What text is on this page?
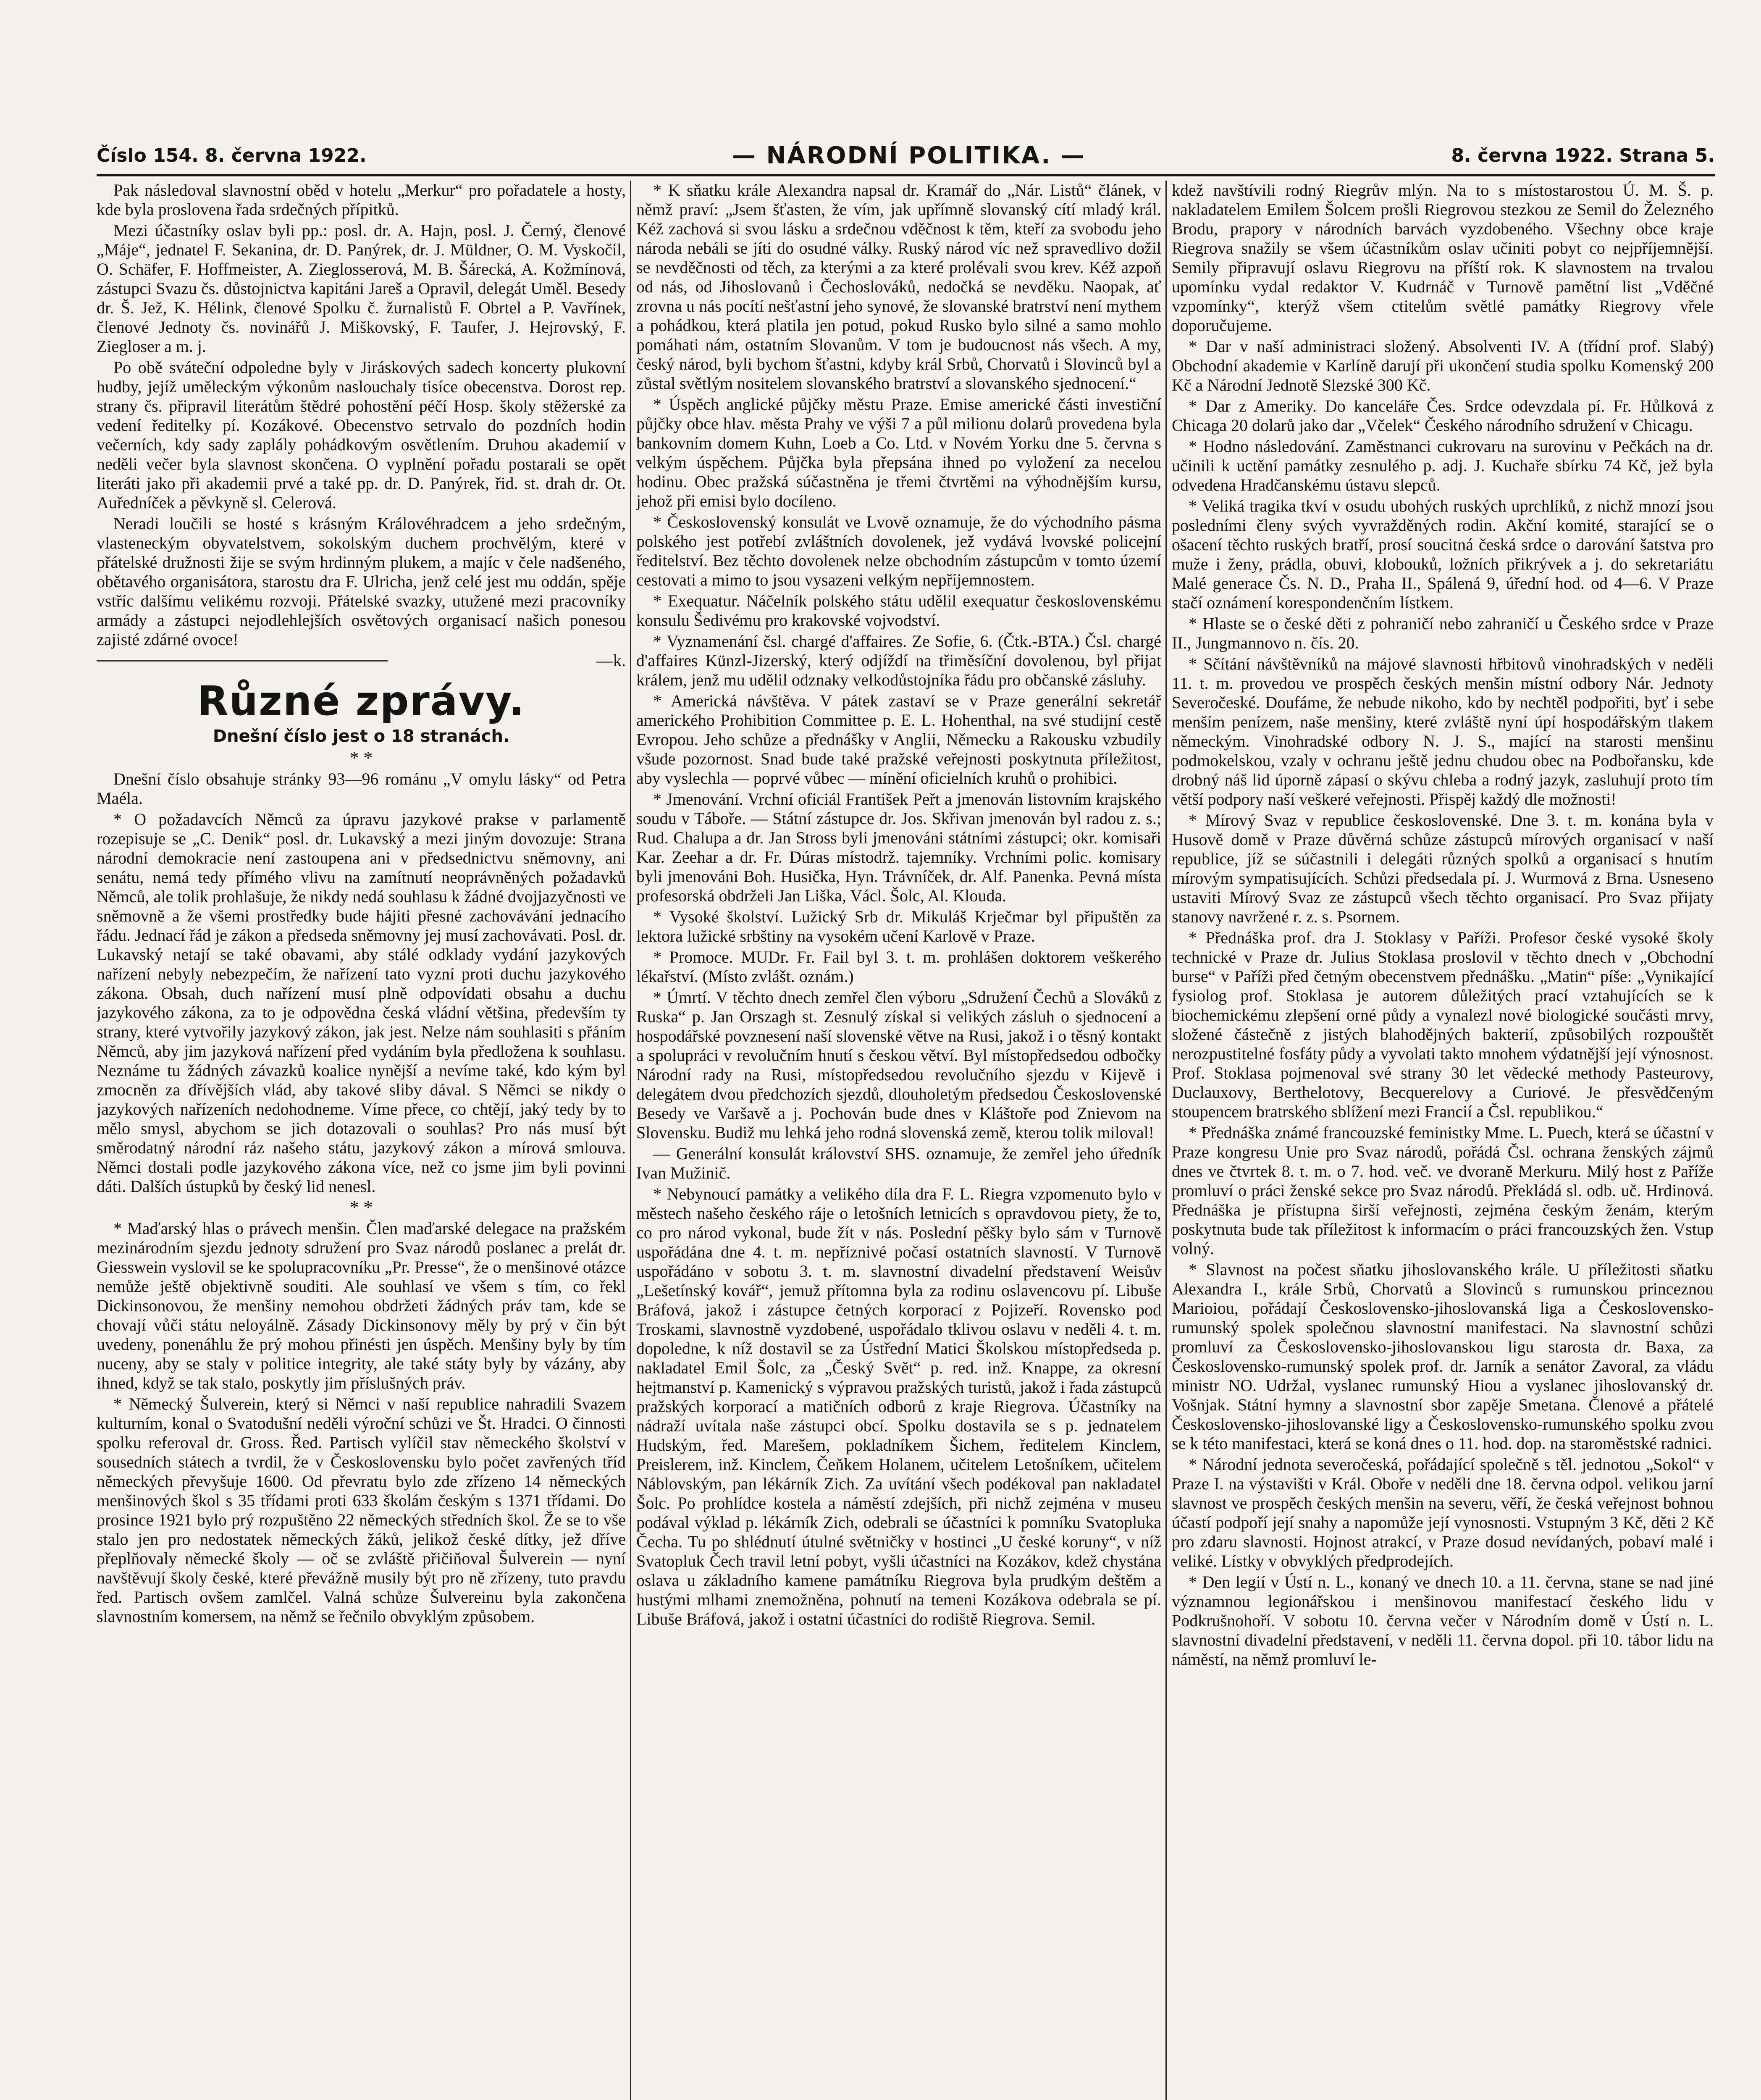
Číslo 154. 8. června 1922.	— NÁRODNÍ POLITIKA. —	8. června 1922. Strana 5.

Pak následoval slavnostní oběd v hotelu „Merkur“ pro pořadatele a hosty, kde byla proslovena řada srdečných přípitků.

Mezi účastníky oslav byli pp.: posl. dr. A. Hajn, posl. J. Černý, členové „Máje“, jednatel F. Sekanina, dr. D. Panýrek, dr. J. Müldner, O. M. Vyskočil, O. Schäfer, F. Hoffmeister, A. Zieglosserová, M. B. Šárecká, A. Kožmínová, zástupci Svazu čs. důstojnictva kapitáni Jareš a Opravil, delegát Uměl. Besedy dr. Š. Jež, K. Hélink, členové Spolku č. žurnalistů F. Obrtel a P. Vavřínek, členové Jednoty čs. novinářů J. Miškovský, F. Taufer, J. Hejrovský, F. Ziegloser a m. j.

Po obě sváteční odpoledne byly v Jiráskových sadech koncerty plukovní hudby, jejíž uměleckým výkonům naslouchaly tisíce obecenstva. Dorost rep. strany čs. připravil literátům štědré pohostění péčí Hosp. školy stěžerské za vedení ředitelky pí. Kozákové. Obecenstvo setrvalo do pozdních hodin večerních, kdy sady zaplály pohádkovým osvětlením. Druhou akademií v neděli večer byla slavnost skončena. O vyplnění pořadu postarali se opět literáti jako při akademii prvé a také pp. dr. D. Panýrek, řid. st. drah dr. Ot. Auředníček a pěvkyně sl. Celerová.

Neradi loučili se hosté s krásným Královéhradcem a jeho srdečným, vlasteneckým obyvatelstvem, sokolským duchem prochvělým, které v přátelské družnosti žije se svým hrdinným plukem, a majíc v čele nadšeného, obětavého organisátora, starostu dra F. Ulricha, jenž celé jest mu oddán, spěje vstříc dalšímu velikému rozvoji. Přátelské svazky, utužené mezi pracovníky armády a zástupci nejodlehlejších osvětových organisací našich ponesou zajisté zdárné ovoce!

—k.
Různé zprávy.
Dnešní číslo jest o 18 stranách.
* *

Dnešní číslo obsahuje stránky 93—96 románu „V omylu lásky“ od Petra Maéla.

* O požadavcích Němců za úpravu jazykové prakse v parlamentě rozepisuje se „C. Denik“ posl. dr. Lukavský a mezi jiným dovozuje: Strana národní demokracie není zastoupena ani v předsednictvu sněmovny, ani senátu, nemá tedy přímého vlivu na zamítnutí neoprávněných požadavků Němců, ale tolik prohlašuje, že nikdy nedá souhlasu k žádné dvojjazyčnosti ve sněmovně a že všemi prostředky bude hájiti přesné zachovávání jednacího řádu. Jednací řád je zákon a předseda sněmovny jej musí zachovávati. Posl. dr. Lukavský netají se také obavami, aby stálé odklady vydání jazykových nařízení nebyly nebezpečím, že nařízení tato vyzní proti duchu jazykového zákona. Obsah, duch nařízení musí plně odpovídati obsahu a duchu jazykového zákona, za to je odpovědna česká vládní většina, především ty strany, které vytvořily jazykový zákon, jak jest. Nelze nám souhlasiti s přáním Němců, aby jim jazyková nařízení před vydáním byla předložena k souhlasu. Neznáme tu žádných závazků koalice nynější a nevíme také, kdo kým byl zmocněn za dřívějších vlád, aby takové sliby dával. S Němci se nikdy o jazykových nařízeních nedohodneme. Víme přece, co chtějí, jaký tedy by to mělo smysl, abychom se jich dotazovali o souhlas? Pro nás musí být směrodatný národní ráz našeho státu, jazykový zákon a mírová smlouva. Němci dostali podle jazykového zákona více, než co jsme jim byli povinni dáti. Dalších ústupků by český lid nenesl.

* *

* Maďarský hlas o právech menšin. Člen maďarské delegace na pražském mezinárodním sjezdu jednoty sdružení pro Svaz národů poslanec a prelát dr. Giesswein vyslovil se ke spolupracovníku „Pr. Presse“, že o menšinové otázce nemůže ještě objektivně souditi. Ale souhlasí ve všem s tím, co řekl Dickinsonovou, že menšiny nemohou obdržeti žádných práv tam, kde se chovají vůči státu neloyálně. Zásady Dickinsonovy měly by prý v čin být uvedeny, ponenáhlu že prý mohou přinésti jen úspěch. Menšiny byly by tím nuceny, aby se staly v politice integrity, ale také státy byly by vázány, aby ihned, když se tak stalo, poskytly jim příslušných práv.

* Německý Šulverein, který si Němci v naší republice nahradili Svazem kulturním, konal o Svatodušní neděli výroční schůzi ve Št. Hradci. O činnosti spolku referoval dr. Gross. Řed. Partisch vylíčil stav německého školství v sousedních státech a tvrdil, že v Československu bylo počet zavřených tříd německých převyšuje 1600. Od převratu bylo zde zřízeno 14 německých menšinových škol s 35 třídami proti 633 školám českým s 1371 třídami. Do prosince 1921 bylo prý rozpuštěno 22 německých středních škol. Že se to vše stalo jen pro nedostatek německých žáků, jelikož české dítky, jež dříve přeplňovaly německé školy — oč se zvláště přičiňoval Šulverein — nyní navštěvují školy české, které převážně musily být pro ně zřízeny, tuto pravdu řed. Partisch ovšem zamlčel. Valná schůze Šulvereinu byla zakončena slavnostním komersem, na němž se řečnilo obvyklým způsobem.

* K sňatku krále Alexandra napsal dr. Kramář do „Nár. Listů“ článek, v němž praví: „Jsem šťasten, že vím, jak upřímně slovanský cítí mladý král. Kéž zachová si svou lásku a srdečnou vděčnost k těm, kteří za svobodu jeho národa nebáli se jíti do osudné války. Ruský národ víc než spravedlivo dožil se nevděčnosti od těch, za kterými a za které prolévali svou krev. Kéž azpoň od nás, od Jihoslovanů i Čechoslováků, nedočká se nevděku. Naopak, ať zrovna u nás pocítí nešťastní jeho synové, že slovanské bratrství není mythem a pohádkou, která platila jen potud, pokud Rusko bylo silné a samo mohlo pomáhati nám, ostatním Slovanům. V tom je budoucnost nás všech. A my, český národ, byli bychom šťastni, kdyby král Srbů, Chorvatů i Slovinců byl a zůstal světlým nositelem slovanského bratrství a slovanského sjednocení.“

* Úspěch anglické půjčky městu Praze. Emise americké části investiční půjčky obce hlav. města Prahy ve výši 7 a půl milionu dolarů provedena byla bankovním domem Kuhn, Loeb a Co. Ltd. v Novém Yorku dne 5. června s velkým úspěchem. Půjčka byla přepsána ihned po vyložení za necelou hodinu. Obec pražská súčastněna je třemi čtvrtěmi na výhodnějším kursu, jehož při emisi bylo docíleno.

* Československý konsulát ve Lvově oznamuje, že do východního pásma polského jest potřebí zvláštních dovolenek, jež vydává lvovské policejní ředitelství. Bez těchto dovolenek nelze obchodním zástupcům v tomto území cestovati a mimo to jsou vysazeni velkým nepříjemnostem.

* Exequatur. Náčelník polského státu udělil exequatur československému konsulu Šedivému pro krakovské vojvodství.

* Vyznamenání čsl. chargé d'affaires. Ze Sofie, 6. (Čtk.-BTA.) Čsl. chargé d'affaires Künzl-Jizerský, který odjíždí na třiměsíční dovolenou, byl přijat králem, jenž mu udělil odznaky velkodůstojníka řádu pro občanské zásluhy.

* Americká návštěva. V pátek zastaví se v Praze generální sekretář amerického Prohibition Committee p. E. L. Hohenthal, na své studijní cestě Evropou. Jeho schůze a přednášky v Anglii, Německu a Rakousku vzbudily všude pozornost. Snad bude také pražské veřejnosti poskytnuta příležitost, aby vyslechla — poprvé vůbec — mínění oficielních kruhů o prohibici.

* Jmenování. Vrchní oficiál František Peřt a jmenován listovním krajského soudu v Táboře. — Státní zástupce dr. Jos. Skřivan jmenován byl radou z. s.; Rud. Chalupa a dr. Jan Stross byli jmenováni státními zástupci; okr. komisaři Kar. Zeehar a dr. Fr. Dúras místodrž. tajemníky. Vrchními polic. komisary byli jmenováni Boh. Husička, Hyn. Trávníček, dr. Alf. Panenka. Pevná místa profesorská obdrželi Jan Liška, Václ. Šolc, Al. Klouda.

* Vysoké školství. Lužický Srb dr. Mikuláš Krječmar byl připuštěn za lektora lužické srbštiny na vysokém učení Karlově v Praze.

* Promoce. MUDr. Fr. Fail byl 3. t. m. prohlášen doktorem veškerého lékařství. (Místo zvlášt. oznám.)

* Úmrtí. V těchto dnech zemřel člen výboru „Sdružení Čechů a Slováků z Ruska“ p. Jan Orszagh st. Zesnulý získal si velikých zásluh o sjednocení a hospodářské povznesení naší slovenské větve na Rusi, jakož i o těsný kontakt a spolupráci v revolučním hnutí s českou větví. Byl místopředsedou odbočky Národní rady na Rusi, místopředsedou revolučního sjezdu v Kijevě i delegátem dvou předchozích sjezdů, dlouholetým předsedou Československé Besedy ve Varšavě a j. Pochován bude dnes v Kláštoře pod Znievom na Slovensku. Budiž mu lehká jeho rodná slovenská země, kterou tolik miloval!

— Generální konsulát království SHS. oznamuje, že zemřel jeho úředník Ivan Mužinič.

* Nebynoucí památky a velikého díla dra F. L. Riegra vzpomenuto bylo v městech našeho českého ráje o letošních letnicích s opravdovou piety, že to, co pro národ vykonal, bude žít v nás. Poslední pěšky bylo sám v Turnově uspořádána dne 4. t. m. nepříznivé počasí ostatních slavností. V Turnově uspořádáno v sobotu 3. t. m. slavnostní divadelní představení Weisův „Lešetínský kovář“, jemuž přítomna byla za rodinu oslavencovu pí. Libuše Bráfová, jakož i zástupce četných korporací z Pojizeří. Rovensko pod Troskami, slavnostně vyzdobené, uspořádalo tklivou oslavu v neděli 4. t. m. dopoledne, k níž dostavil se za Ústřední Matici Školskou místopředseda p. nakladatel Emil Šolc, za „Český Svět“ p. red. inž. Knappe, za okresní hejtmanství p. Kamenický s výpravou pražských turistů, jakož i řada zástupců pražských korporací a matičních odborů z kraje Riegrova. Účastníky na nádraží uvítala naše zástupci obcí. Spolku dostavila se s p. jednatelem Hudským, řed. Marešem, pokladníkem Šichem, ředitelem Kinclem, Preislerem, inž. Kinclem, Čeňkem Holanem, učitelem Letošníkem, učitelem Náblovským, pan lékárník Zich. Za uvítání všech podékoval pan nakladatel Šolc. Po prohlídce kostela a náměstí zdejších, při nichž zejména v museu podával výklad p. lékárník Zich, odebrali se účastníci k pomníku Svatopluka Čecha. Tu po shlédnutí útulné světničky v hostinci „U české koruny“, v níž Svatopluk Čech travil letní pobyt, vyšli účastníci na Kozákov, kdež chystána oslava u základního kamene památníku Riegrova byla prudkým deštěm a hustými mlhami znemožněna, pohnutí na temeni Kozákova odebrala se pí. Libuše Bráfová, jakož i ostatní účastníci do rodiště Riegrova. Semil.

kdež navštívili rodný Riegrův mlýn. Na to s místostarostou Ú. M. Š. p. nakladatelem Emilem Šolcem prošli Riegrovou stezkou ze Semil do Železného Brodu, prapory v národních barvách vyzdobeného. Všechny obce kraje Riegrova snažily se všem účastníkům oslav učiniti pobyt co nejpříjemnější. Semily připravují oslavu Riegrovu na příští rok. K slavnostem na trvalou upomínku vydal redaktor V. Kudrnáč v Turnově pamětní list „Vděčné vzpomínky“, kterýž všem ctitelům světlé památky Riegrovy vřele doporučujeme.

* Dar v naší administraci složený. Absolventi IV. A (třídní prof. Slabý) Obchodní akademie v Karlíně darují při ukončení studia spolku Komenský 200 Kč a Národní Jednotě Slezské 300 Kč.

* Dar z Ameriky. Do kanceláře Čes. Srdce odevzdala pí. Fr. Hůlková z Chicaga 20 dolarů jako dar „Včelek“ Českého národního sdružení v Chicagu.

* Hodno následování. Zaměstnanci cukrovaru na surovinu v Pečkách na dr. učinili k uctění památky zesnulého p. adj. J. Kuchaře sbírku 74 Kč, jež byla odvedena Hradčanskému ústavu slepců.

* Veliká tragika tkví v osudu ubohých ruských uprchlíků, z nichž mnozí jsou posledními členy svých vyvražděných rodin. Akční komité, starající se o ošacení těchto ruských bratří, prosí soucitná česká srdce o darování šatstva pro muže i ženy, prádla, obuvi, klobouků, ložních přikrývek a j. do sekretariátu Malé generace Čs. N. D., Praha II., Spálená 9, úřední hod. od 4—6. V Praze stačí oznámení korespondenčním lístkem.

* Hlaste se o české děti z pohraničí nebo zahraničí u Českého srdce v Praze II., Jungmannovo n. čís. 20.

* Sčítání návštěvníků na májové slavnosti hřbitovů vinohradských v neděli 11. t. m. provedou ve prospěch českých menšin místní odbory Nár. Jednoty Severočeské. Doufáme, že nebude nikoho, kdo by nechtěl podpořiti, byť i sebe menším penízem, naše menšiny, které zvláště nyní úpí hospodářským tlakem německým. Vinohradské odbory N. J. S., mající na starosti menšinu podmokelskou, vzaly v ochranu ještě jednu chudou obec na Podbořansku, kde drobný náš lid úporně zápasí o skývu chleba a rodný jazyk, zasluhují proto tím větší podpory naší veškeré veřejnosti. Přispěj každý dle možnosti!

* Mírový Svaz v republice československé. Dne 3. t. m. konána byla v Husově domě v Praze důvěrná schůze zástupců mírových organisací v naší republice, jíž se súčastnili i delegáti různých spolků a organisací s hnutím mírovým sympatisujících. Schůzi předsedala pí. J. Wurmová z Brna. Usneseno ustaviti Mírový Svaz ze zástupců všech těchto organisací. Pro Svaz přijaty stanovy navržené r. z. s. Psornem.

* Přednáška prof. dra J. Stoklasy v Paříži. Profesor české vysoké školy technické v Praze dr. Julius Stoklasa proslovil v těchto dnech v „Obchodní burse“ v Paříži před četným obecenstvem přednášku. „Matin“ píše: „Vynikající fysiolog prof. Stoklasa je autorem důležitých prací vztahujících se k biochemickému zlepšení orné půdy a vynalezl nové biologické součásti mrvy, složené částečně z jistých blahodějných bakterií, způsobilých rozpouštět nerozpustitelné fosfáty půdy a vyvolati takto mnohem výdatnější její výnosnost. Prof. Stoklasa pojmenoval své strany 30 let vědecké methody Pasteurovy, Duclauxovy, Berthelotovy, Becquerelovy a Curiové. Je přesvědčeným stoupencem bratrského sblížení mezi Francií a Čsl. republikou.“

* Přednáška známé francouzské feministky Mme. L. Puech, která se účastní v Praze kongresu Unie pro Svaz národů, pořádá Čsl. ochrana ženských zájmů dnes ve čtvrtek 8. t. m. o 7. hod. več. ve dvoraně Merkuru. Milý host z Paříže promluví o práci ženské sekce pro Svaz národů. Překládá sl. odb. uč. Hrdinová. Přednáška je přístupna širší veřejnosti, zejména českým ženám, kterým poskytnuta bude tak příležitost k informacím o práci francouzských žen. Vstup volný.

* Slavnost na počest sňatku jihoslovanského krále. U příležitosti sňatku Alexandra I., krále Srbů, Chorvatů a Slovinců s rumunskou princeznou Marioiou, pořádají Československo-jihoslovanská liga a Československo-rumunský spolek společnou slavnostní manifestaci. Na slavnostní schůzi promluví za Československo-jihoslovanskou ligu starosta dr. Baxa, za Československo-rumunský spolek prof. dr. Jarník a senátor Zavoral, za vládu ministr NO. Udržal, vyslanec rumunský Hiou a vyslanec jihoslovanský dr. Vošnjak. Státní hymny a slavnostní sbor zapěje Smetana. Členové a přátelé Československo-jihoslovanské ligy a Československo-rumunského spolku zvou se k této manifestaci, která se koná dnes o 11. hod. dop. na staroměstské radnici.

* Národní jednota severočeská, pořádající společně s těl. jednotou „Sokol“ v Praze I. na výstavišti v Král. Oboře v neděli dne 18. června odpol. velikou jarní slavnost ve prospěch českých menšin na severu, věří, že česká veřejnost bohnou účastí podpoří její snahy a napomůže její vynosnosti. Vstupným 3 Kč, děti 2 Kč pro zdaru slavnosti. Hojnost atrakcí, v Praze dosud nevídaných, pobaví malé i veliké. Lístky v obvyklých předprodejích.

* Den legií v Ústí n. L., konaný ve dnech 10. a 11. června, stane se nad jiné významnou legionářskou i menšinovou manifestací českého lidu v Podkrušnohoří. V sobotu 10. června večer v Národním domě v Ústí n. L. slavnostní divadelní představení, v neděli 11. června dopol. při 10. tábor lidu na náměstí, na němž promluví le-
